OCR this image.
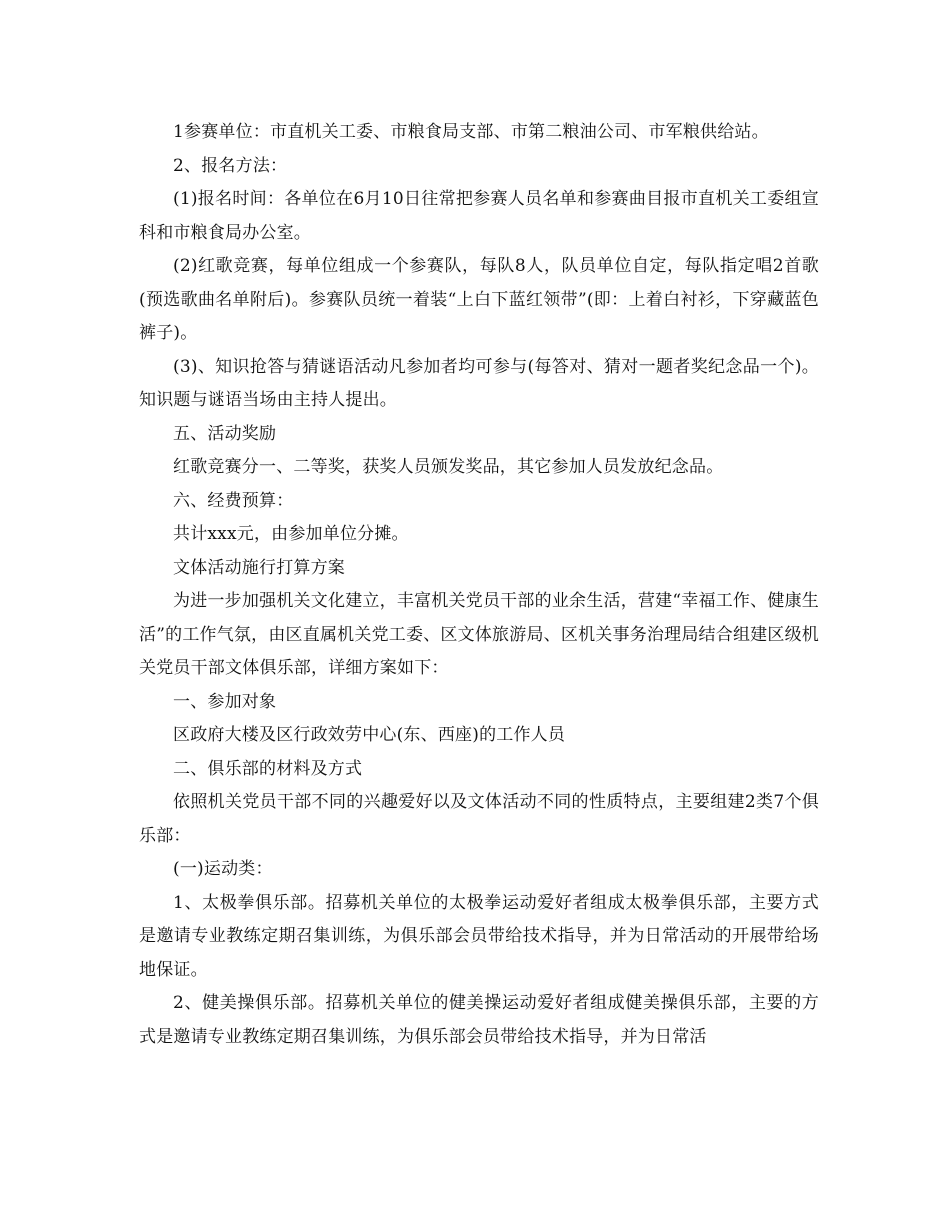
1参赛单位：市直机关工委、市粮食局支部、市第二粮油公司、市军粮供给站。

2、报名方法：

(1)报名时间：各单位在6月10日往常把参赛人员名单和参赛曲目报市直机关工委组宣科和市粮食局办公室。

(2)红歌竞赛，每单位组成一个参赛队，每队8人，队员单位自定，每队指定唱2首歌(预选歌曲名单附后)。参赛队员统一着装“上白下蓝红领带”(即：上着白衬衫，下穿藏蓝色裤子)。

(3)、知识抢答与猜谜语活动凡参加者均可参与(每答对、猜对一题者奖纪念品一个)。知识题与谜语当场由主持人提出。

五、活动奖励

红歌竞赛分一、二等奖，获奖人员颁发奖品，其它参加人员发放纪念品。

六、经费预算：

共计xxx元，由参加单位分摊。

文体活动施行打算方案

为进一步加强机关文化建立，丰富机关党员干部的业余生活，营建“幸福工作、健康生活”的工作气氛，由区直属机关党工委、区文体旅游局、区机关事务治理局结合组建区级机关党员干部文体俱乐部，详细方案如下：

一、参加对象

区政府大楼及区行政效劳中心(东、西座)的工作人员

二、俱乐部的材料及方式

依照机关党员干部不同的兴趣爱好以及文体活动不同的性质特点，主要组建2类7个俱乐部：

(一)运动类：

1、太极拳俱乐部。招募机关单位的太极拳运动爱好者组成太极拳俱乐部，主要方式是邀请专业教练定期召集训练，为俱乐部会员带给技术指导，并为日常活动的开展带给场地保证。

2、健美操俱乐部。招募机关单位的健美操运动爱好者组成健美操俱乐部，主要的方式是邀请专业教练定期召集训练，为俱乐部会员带给技术指导，并为日常活
